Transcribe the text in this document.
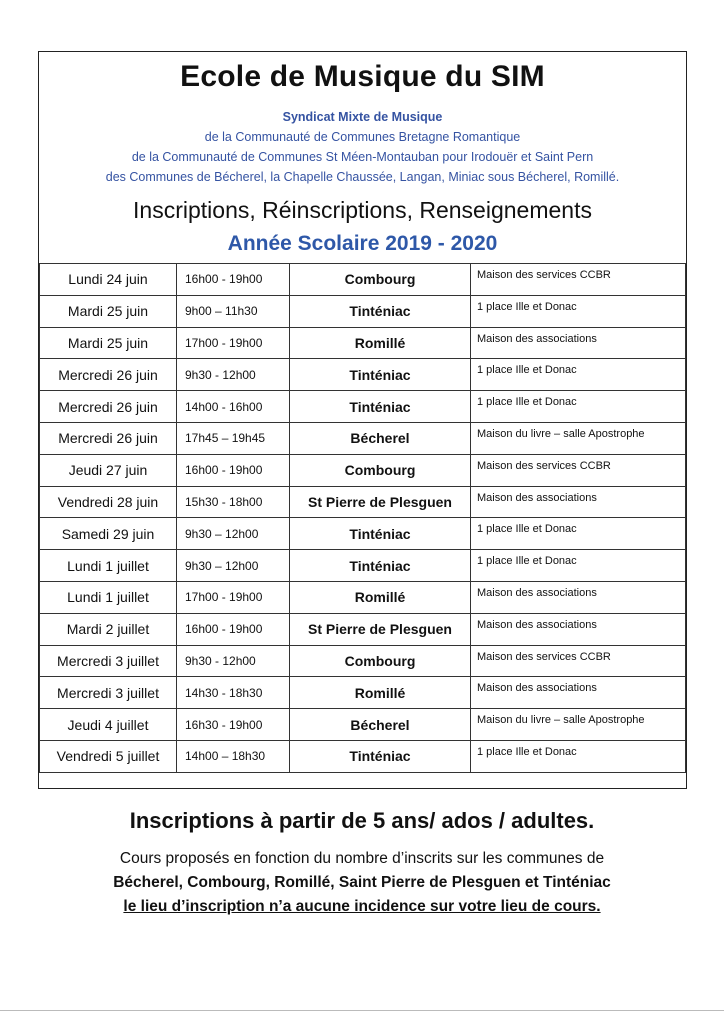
Ecole de Musique du SIM
Syndicat Mixte de Musique
de la Communauté de Communes Bretagne Romantique
de la Communauté de Communes St Méen-Montauban pour Irodouër et Saint Pern
des Communes de Bécherel, la Chapelle Chaussée, Langan, Miniac sous Bécherel, Romillé.
Inscriptions, Réinscriptions, Renseignements
Année Scolaire 2019 - 2020
Lundi 24 juin	16h00 - 19h00	Combourg	Maison des services CCBR
Mardi 25 juin	9h00 – 11h30	Tinténiac	1 place Ille et Donac
Mardi 25 juin	17h00 - 19h00	Romillé	Maison des associations
Mercredi 26 juin	9h30 - 12h00	Tinténiac	1 place Ille et Donac
Mercredi 26 juin	14h00 - 16h00	Tinténiac	1 place Ille et Donac
Mercredi 26 juin	17h45 – 19h45	Bécherel	Maison du livre – salle Apostrophe
Jeudi 27 juin	16h00 - 19h00	Combourg	Maison des services CCBR
Vendredi 28 juin	15h30 - 18h00	St Pierre de Plesguen	Maison des associations
Samedi 29 juin	9h30 – 12h00	Tinténiac	1 place Ille et Donac
Lundi 1 juillet	9h30 – 12h00	Tinténiac	1 place Ille et Donac
Lundi 1 juillet	17h00 - 19h00	Romillé	Maison des associations
Mardi 2 juillet	16h00 - 19h00	St Pierre de Plesguen	Maison des associations
Mercredi 3 juillet	9h30 - 12h00	Combourg	Maison des services CCBR
Mercredi 3 juillet	14h30 - 18h30	Romillé	Maison des associations
Jeudi 4 juillet	16h30 - 19h00	Bécherel	Maison du livre – salle Apostrophe
Vendredi 5 juillet	14h00 – 18h30	Tinténiac	1 place Ille et Donac
Inscriptions à partir de 5 ans/ ados / adultes.
Cours proposés en fonction du nombre d’inscrits sur les communes de
Bécherel, Combourg, Romillé, Saint Pierre de Plesguen et Tinténiac
le lieu d’inscription n’a aucune incidence sur votre lieu de cours.
